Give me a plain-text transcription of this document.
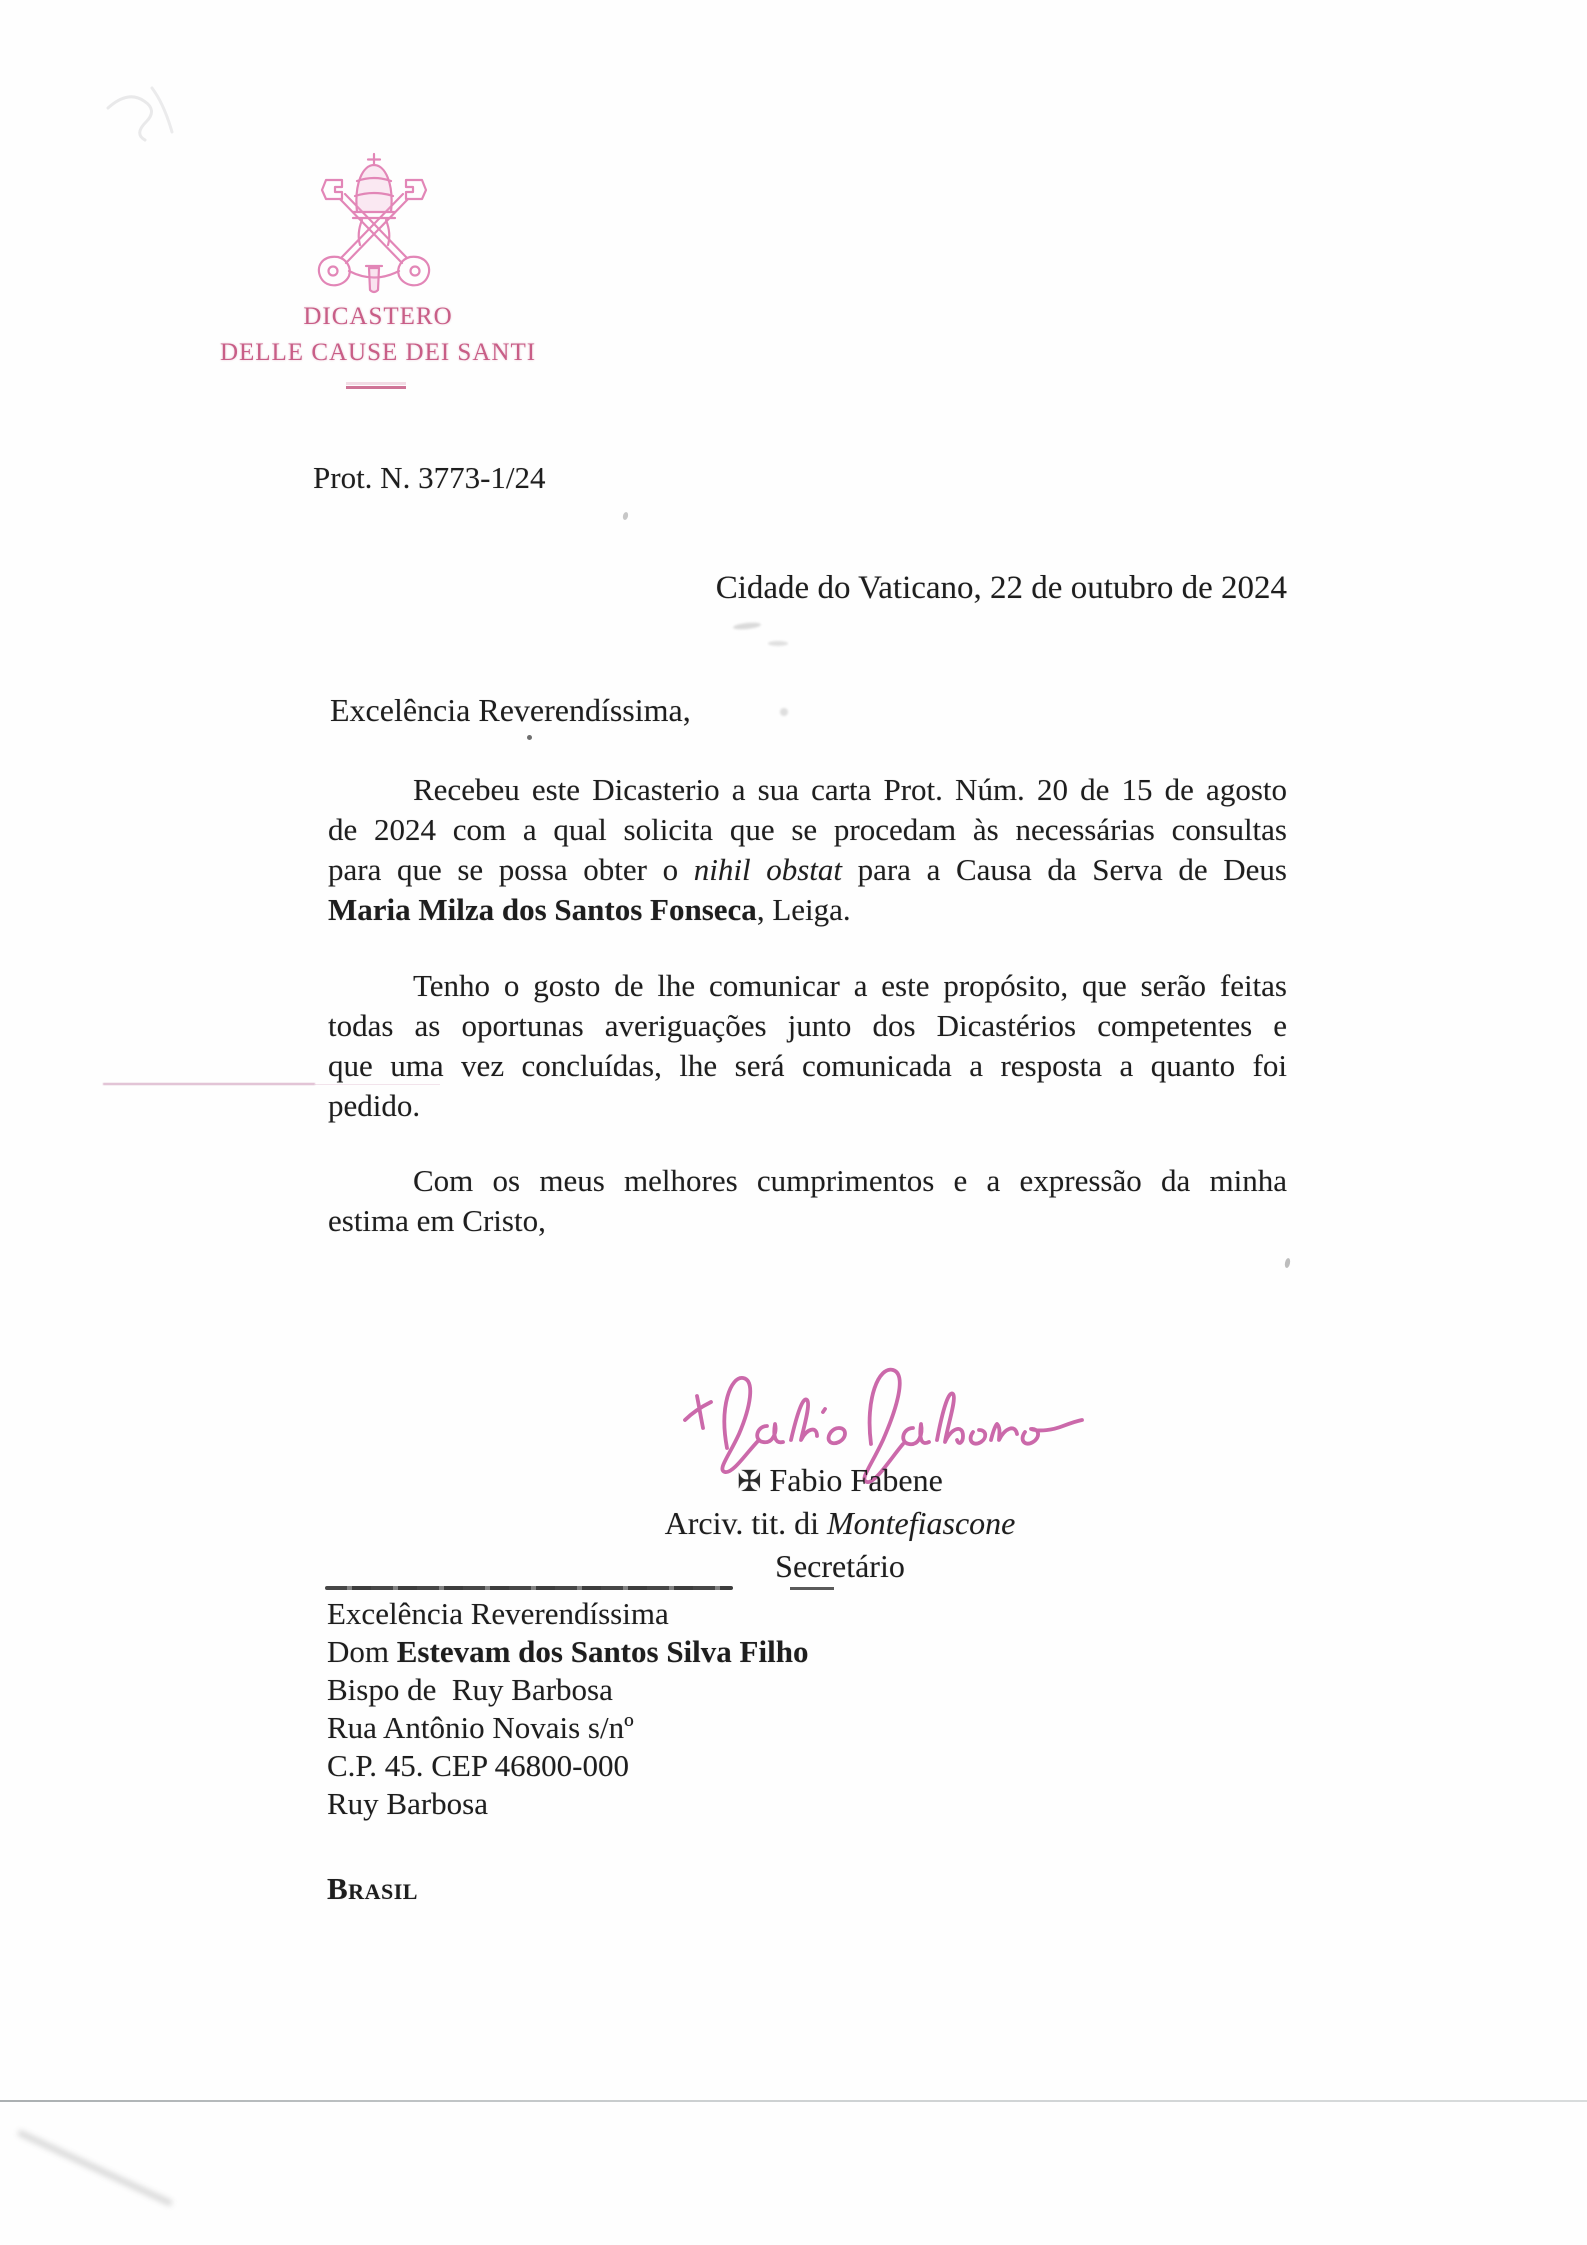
DICASTERO
DELLE CAUSE DEI SANTI
Prot. N. 3773-1/24
Cidade do Vaticano, 22 de outubro de 2024
Excelência Reverendíssima,
Recebeu este Dicasterio a sua carta Prot. Núm. 20 de 15 de agosto
de 2024 com a qual solicita que se procedam às necessárias consultas
para que se possa obter o nihil obstat para a Causa da Serva de Deus
Maria Milza dos Santos Fonseca, Leiga.
Tenho o gosto de lhe comunicar a este propósito, que serão feitas
todas as oportunas averiguações junto dos Dicastérios competentes e
que uma vez concluídas, lhe será comunicada a resposta a quanto foi
pedido.
Com os meus melhores cumprimentos e a expressão da minha
estima em Cristo,
✠ Fabio Fabene
Arciv. tit. di Montefiascone
Secretário
Excelência Reverendíssima
Dom Estevam dos Santos Silva Filho
Bispo de  Ruy Barbosa
Rua Antônio Novais s/nº
C.P. 45. CEP 46800-000
Ruy Barbosa
Brasil
